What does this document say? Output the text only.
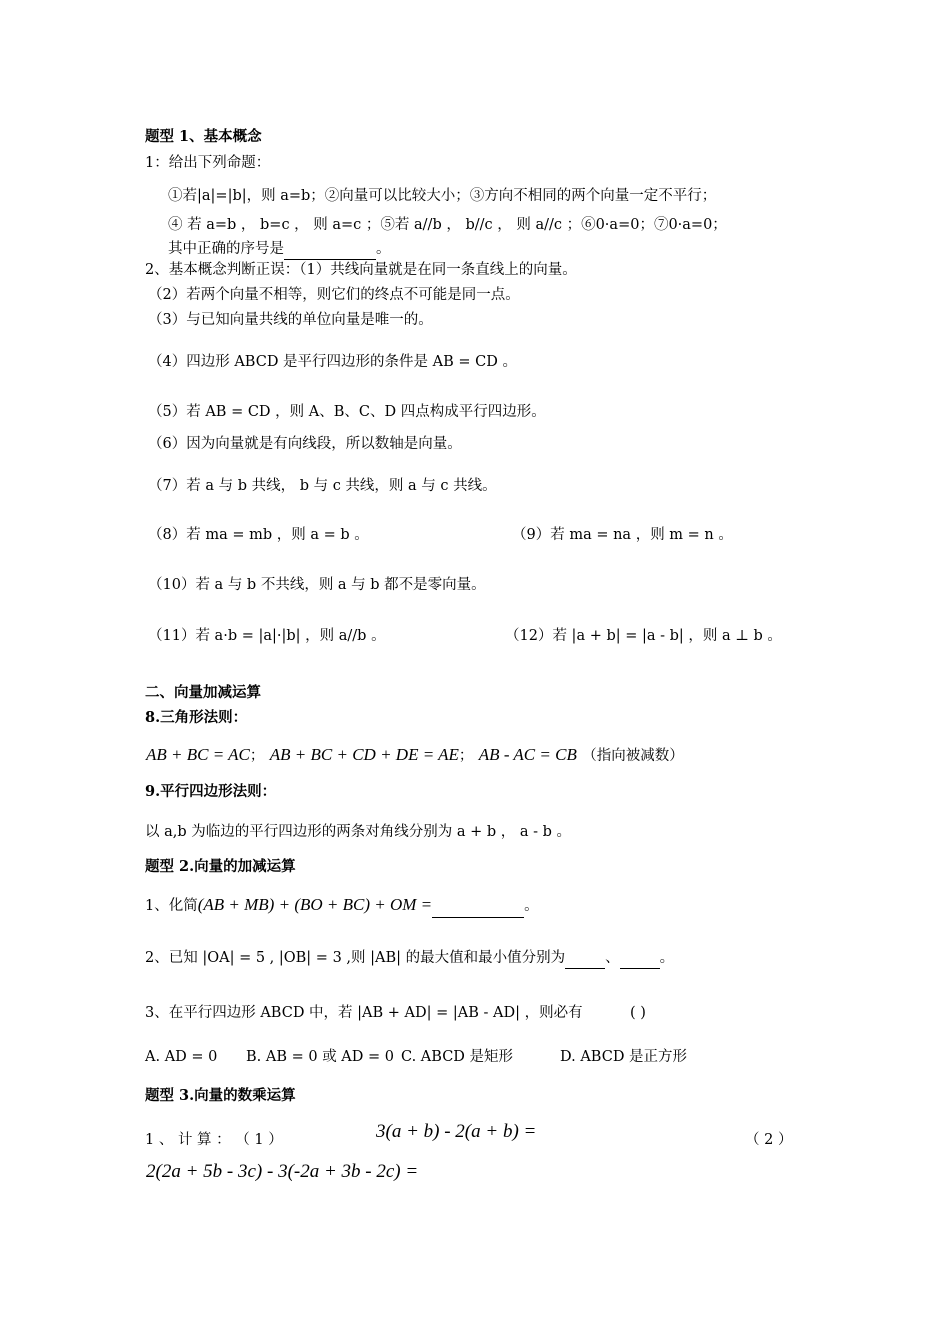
题型 1、基本概念
1：给出下列命题：
①若|a|=|b|，则 a=b；②向量可以比较大小；③方向不相同的两个向量一定不平行；
④ 若 a=b ， b=c ， 则 a=c ；⑤若 a//b ， b//c ， 则 a//c ；⑥0·a=0；⑦0·a=0；
其中正确的序号是	。
2、基本概念判断正误：（1）共线向量就是在同一条直线上的向量。
（2）若两个向量不相等，则它们的终点不可能是同一点。
（3）与已知向量共线的单位向量是唯一的。
（4）四边形 ABCD 是平行四边形的条件是 AB = CD 。
（5）若 AB = CD ，则 A、B、C、D 四点构成平行四边形。
（6）因为向量就是有向线段，所以数轴是向量。
（7）若 a 与 b 共线， b 与 c 共线，则 a 与 c 共线。
（8）若 ma = mb ，则 a = b 。	（9）若 ma = na ，则 m = n 。
（10）若 a 与 b 不共线，则 a 与 b 都不是零向量。
（11）若 a·b = |a|·|b| ，则 a//b 。	（12）若 |a + b| = |a - b| ，则 a ⊥ b 。
二、向量加减运算
8.三角形法则：
AB + BC = AC； AB + BC + CD + DE = AE； AB - AC = CB （指向被减数）
9.平行四边形法则：
以 a,b 为临边的平行四边形的两条对角线分别为 a + b ， a - b 。
题型 2.向量的加减运算
1、化简(AB + MB) + (BO + BC) + OM =	。
2、已知 |OA| = 5 , |OB| = 3 ,则 |AB| 的最大值和最小值分别为	、	。
3、在平行四边形 ABCD 中，若 |AB + AD| = |AB - AD| ，则必有	( )
A. AD = 0 B. AB = 0 或 AD = 0 C. ABCD 是矩形	D. ABCD 是正方形
题型 3.向量的数乘运算
1 、 计 算 ： （ 1 ）	3(a + b) - 2(a + b) =	（ 2 ）
2(2a + 5b - 3c) - 3(-2a + 3b - 2c) =
